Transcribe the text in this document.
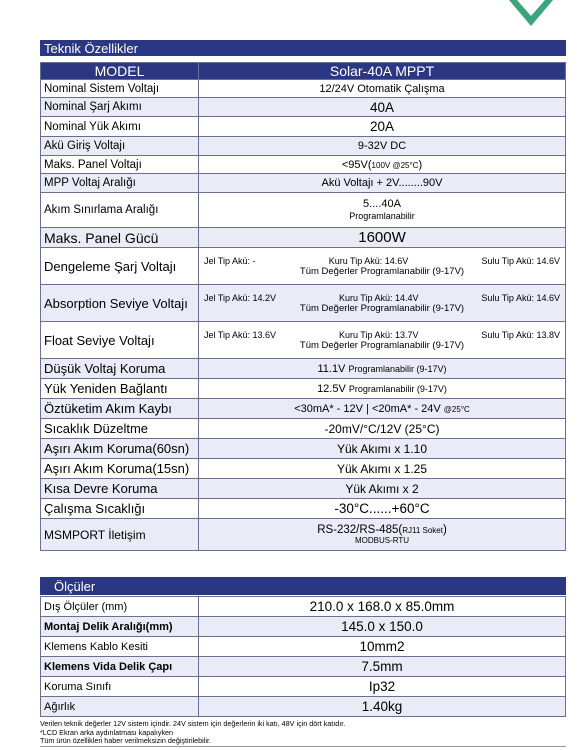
Teknik Özellikler
MODEL	Solar-40A MPPT
Nominal Sistem Voltajı	12/24V Otomatik Çalışma
Nominal Şarj Akımı	40A
Nominal Yük Akımı	20A
Akü Giriş Voltajı	9-32V DC
Maks. Panel Voltajı	<95V(100V @25°C)
MPP Voltaj Aralığı	Akü Voltajı + 2V........90V
Akım Sınırlama Aralığı	5....40A
Programlanabilir
Maks. Panel Gücü	1600W
Dengeleme Şarj Voltajı	Jel Tip Akü: - Kuru Tip Akü: 14.6V Sulu Tip Akü: 14.6V
Tüm Değerler Programlanabilir (9-17V)

Absorption Seviye Voltajı	Jel Tip Akü: 14.2V Kuru Tip Akü: 14.4V Sulu Tip Akü: 14.6V
Tüm Değerler Programlanabilir (9-17V)

Float Seviye Voltajı	Jel Tip Akü: 13.6V Kuru Tip Akü: 13.7V Sulu Tip Akü: 13.8V
Tüm Değerler Programlanabilir (9-17V)

Düşük Voltaj Koruma	11.1V Programlanabilir (9-17V)
Yük Yeniden Bağlantı	12.5V Programlanabilir (9-17V)
Öztüketim Akım Kaybı	<30mA* - 12V | <20mA* - 24V @25°C
Sıcaklık Düzeltme	-20mV/°C/12V (25°C)
Aşırı Akım Koruma(60sn)	Yük Akımı x 1.10
Aşırı Akım Koruma(15sn)	Yük Akımı x 1.25
Kısa Devre Koruma	Yük Akımı x 2
Çalışma Sıcaklığı	-30°C......+60°C
MSMPORT İletişim	RS-232/RS-485(RJ11 Soket)
MODBUS-RTU
Ölçüler
Dış Ölçüler (mm)	210.0 x 168.0 x 85.0mm
Montaj Delik Aralığı(mm)	145.0 x 150.0
Klemens Kablo Kesiti	10mm2
Klemens Vida Delik Çapı	7.5mm
Koruma Sınıfı	Ip32
Ağırlık	1.40kg
Verilen teknik değerler 12V sistem içindir. 24V sistem için değerlerin iki katı, 48V için dört katıdır.
*LCD Ekran arka aydınlatması kapalıyken
Tüm ürün özellikleri haber verilmeksizin değiştirilebilir.
